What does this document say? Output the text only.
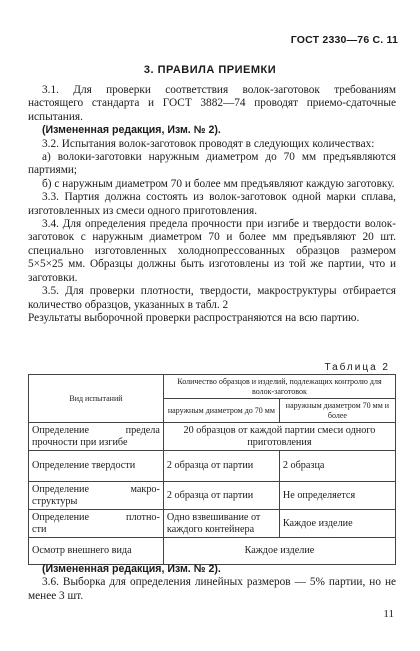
ГОСТ 2330—76 С. 11
3. ПРАВИЛА ПРИЕМКИ

3.1. Для проверки соответствия волок-заготовок требованиям настоящего стандарта и ГОСТ 3882—74 проводят приемо-сдаточные испытания.

(Измененная редакция, Изм. № 2).

3.2. Испытания волок-заготовок проводят в следующих количествах:

а) волоки-заготовки наружным диаметром до 70 мм предъявляются партиями;

б) с наружным диаметром 70 и более мм предъявляют каждую заготовку.

3.3. Партия должна состоять из волок-заготовок одной марки сплава, изготовленных из смеси одного приготовления.

3.4. Для определения предела прочности при изгибе и твердости волок-заготовок с наружным диаметром 70 и более мм предъявляют 20 шт. специально изготовленных холоднопрессованных образцов размером 5×5×25 мм. Образцы должны быть изготовлены из той же партии, что и заготовки.

3.5. Для проверки плотности, твердости, макроструктуры отбирается количество образцов, указанных в табл. 2

Результаты выборочной проверки распространяются на всю партию.

Таблица 2
Вид испытаний	Количество образцов и изделий, подлежащих контролю для волок-заготовок	
	наружным диаметром до 70 мм	наружным диаметром 70 мм и более

Определение предела
прочности при изгибе	20 образцов от каждой партии смеси одного приготовления	
Определение твердости	2 образца от партии	2 образца

Определение макро-
структуры	2 образца от партии	Не определяется

Определение плотно-
сти	Одно взвешивание от каждого контейнера	Каждое изделие
Осмотр внешнего вида	Каждое изделие	

(Измененная редакция, Изм. № 2).

3.6. Выборка для определения линейных размеров — 5% партии, но не менее 3 шт.

11
